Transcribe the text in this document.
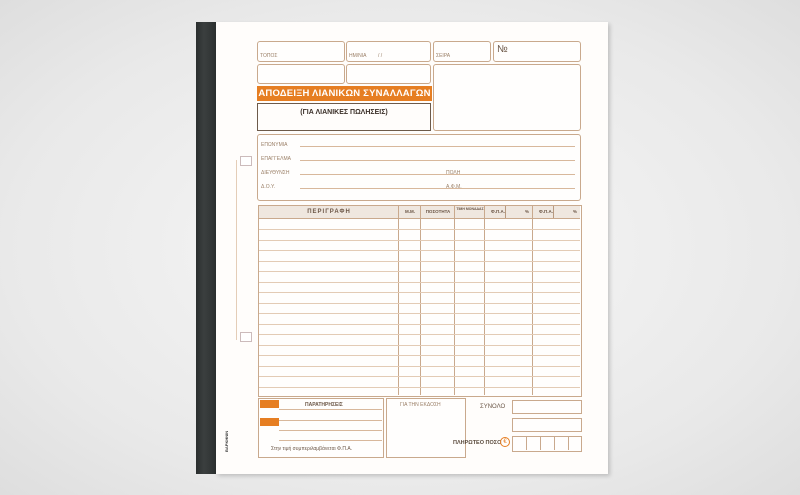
ΤΟΠΟΣ	ΗΜ/ΝΙΑ / /	ΣΕΙΡΑ
№
ΑΠΟΔΕΙΞΗ ΛΙΑΝΙΚΩΝ ΣΥΝΑΛΛΑΓΩΝ
(ΓΙΑ ΛΙΑΝΙΚΕΣ ΠΩΛΗΣΕΙΣ)
ΕΠΩΝΥΜΙΑ
ΕΠΑΓΓΕΛΜΑ
ΔΙΕΥΘΥΝΣΗ	ΠΟΛΗ
Δ.Ο.Υ.	Α.Φ.Μ.
ΠΕΡΙΓΡΑΦΗ	Μ.Μ.	ΠΟΣΟΤΗΤΑ	ΤΙΜΗ ΜΟΝΑΔΑΣ	Φ.Π.Α.	%	Φ.Π.Α.	%
ΠΑΡΑΤΗΡΗΣΕΙΣ
Στην τιμή συμπεριλαμβάνεται Φ.Π.Α.
ΓΙΑ ΤΗΝ ΕΚΔΟΣΗ	ΣΥΝΟΛΟ
ΠΛΗΡΩΤΕΟ ΠΟΣΟ €
ΒΑΡΚΗΝΙΝ
